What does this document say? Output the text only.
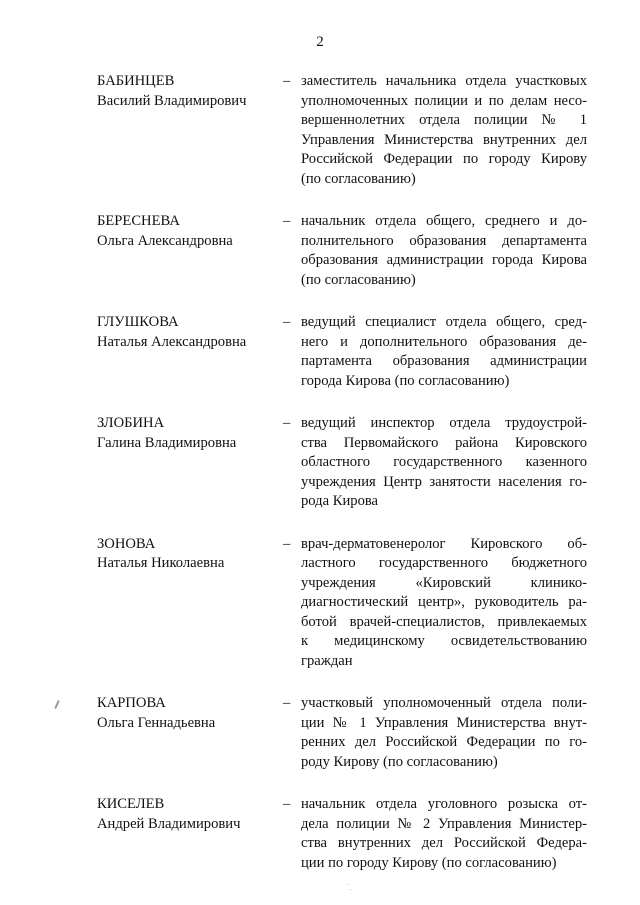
2
БАБИНЦЕВ
Василий Владимирович
– заместитель начальника отдела участковых
уполномоченных полиции и по делам несо-
вершеннолетних отдела полиции № 1
Управления Министерства внутренних дел
Российской Федерации по городу Кирову
(по согласованию)
БЕРЕСНЕВА
Ольга Александровна
– начальник отдела общего, среднего и до-
полнительного образования департамента
образования администрации города Кирова
(по согласованию)
ГЛУШКОВА
Наталья Александровна
– ведущий специалист отдела общего, сред-
него и дополнительного образования де-
партамента образования администрации
города Кирова (по согласованию)
ЗЛОБИНА
Галина Владимировна
– ведущий инспектор отдела трудоустрой-
ства Первомайского района Кировского
областного государственного казенного
учреждения Центр занятости населения го-
рода Кирова
ЗОНОВА
Наталья Николаевна
– врач-дерматовенеролог Кировского об-
ластного государственного бюджетного
учреждения «Кировский клинико-
диагностический центр», руководитель ра-
ботой врачей-специалистов, привлекаемых
к медицинскому освидетельствованию
граждан
КАРПОВА
Ольга Геннадьевна
– участковый уполномоченный отдела поли-
ции № 1 Управления Министерства внут-
ренних дел Российской Федерации по го-
роду Кирову (по согласованию)
КИСЕЛЕВ
Андрей Владимирович
– начальник отдела уголовного розыска от-
дела полиции № 2 Управления Министер-
ства внутренних дел Российской Федера-
ции по городу Кирову (по согласованию)
